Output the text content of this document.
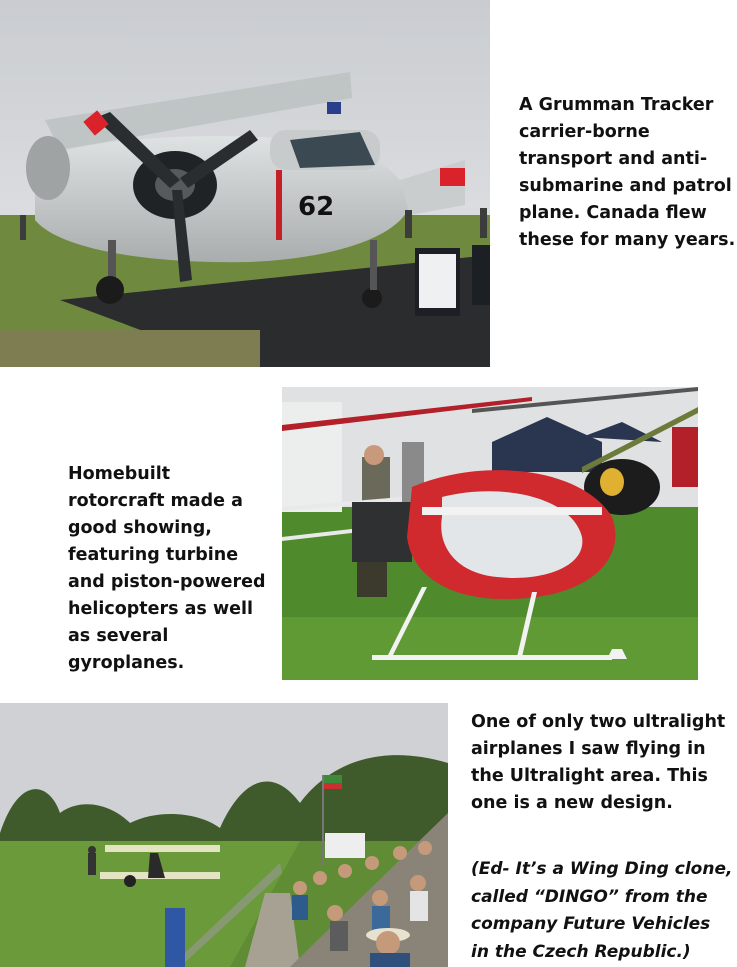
62
A Grumman Tracker
carrier-borne
transport and anti-
submarine and patrol
plane. Canada flew
these for many years.
Homebuilt
rotorcraft made a
good showing,
featuring turbine
and piston-powered
helicopters as well
as several
gyroplanes.
One of only two ultralight
airplanes I saw flying in
the Ultralight area. This
one is a new design.
(Ed- It’s a Wing Ding clone,
called “DINGO” from the
company Future Vehicles
in the Czech Republic.)
